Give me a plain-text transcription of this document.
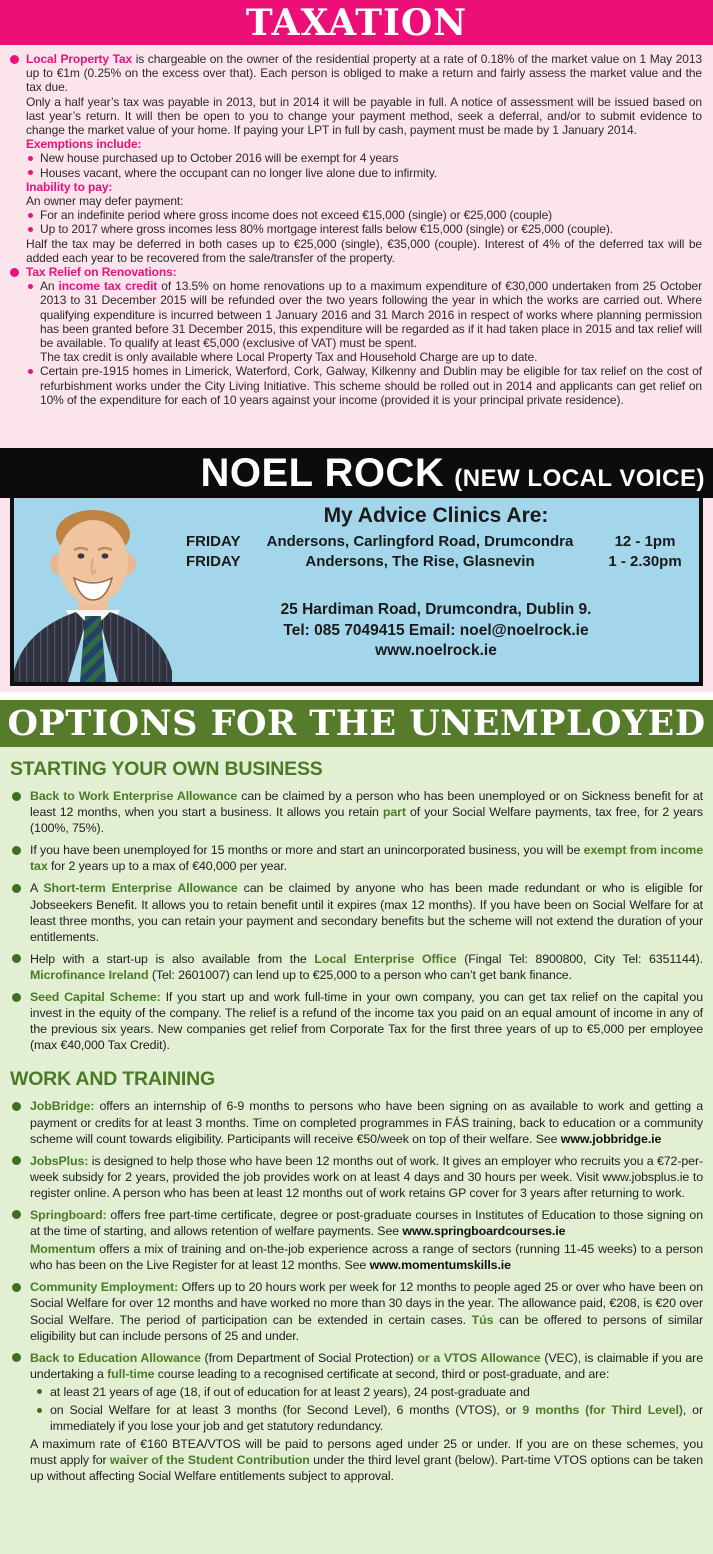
TAXATION

Local Property Tax is chargeable on the owner of the residential property at a rate of 0.18% of the market value on 1 May 2013 up to €1m (0.25% on the excess over that). Each person is obliged to make a return and fairly assess the market value and the tax due.

Only a half year’s tax was payable in 2013, but in 2014 it will be payable in full. A notice of assessment will be issued based on last year’s return. It will then be open to you to change your payment method, seek a deferral, and/or to submit evidence to change the market value of your home. If paying your LPT in full by cash, payment must be made by 1 January 2014.

Exemptions include:

New house purchased up to October 2016 will be exempt for 4 years

Houses vacant, where the occupant can no longer live alone due to infirmity.

Inability to pay:

An owner may defer payment:

For an indefinite period where gross income does not exceed €15,000 (single) or €25,000 (couple)

Up to 2017 where gross incomes less 80% mortgage interest falls below €15,000 (single) or €25,000 (couple).

Half the tax may be deferred in both cases up to €25,000 (single), €35,000 (couple). Interest of 4% of the deferred tax will be added each year to be recovered from the sale/transfer of the property.

Tax Relief on Renovations:

An income tax credit of 13.5% on home renovations up to a maximum expenditure of €30,000 undertaken from 25 October 2013 to 31 December 2015 will be refunded over the two years following the year in which the works are carried out. Where qualifying expenditure is incurred between 1 January 2016 and 31 March 2016 in respect of works where planning permission has been granted before 31 December 2015, this expenditure will be regarded as if it had taken place in 2015 and tax relief will be available. To qualify at least €5,000 (exclusive of VAT) must be spent.

The tax credit is only available where Local Property Tax and Household Charge are up to date.

Certain pre-1915 homes in Limerick, Waterford, Cork, Galway, Kilkenny and Dublin may be eligible for tax relief on the cost of refurbishment works under the City Living Initiative. This scheme should be rolled out in 2014 and applicants can get relief on 10% of the expenditure for each of 10 years against your income (provided it is your principal private residence).

NOEL ROCK (NEW LOCAL VOICE)
My Advice Clinics Are:
FRIDAY	Andersons, Carlingford Road, Drumcondra	12 - 1pm
FRIDAY	Andersons, The Rise, Glasnevin	1 - 2.30pm
25 Hardiman Road, Drumcondra, Dublin 9.
Tel: 085 7049415 Email: noel@noelrock.ie
www.noelrock.ie
OPTIONS FOR THE UNEMPLOYED
STARTING YOUR OWN BUSINESS

Back to Work Enterprise Allowance can be claimed by a person who has been unemployed or on Sickness benefit for at least 12 months, when you start a business. It allows you retain part of your Social Welfare payments, tax free, for 2 years (100%, 75%).

If you have been unemployed for 15 months or more and start an unincorporated business, you will be exempt from income tax for 2 years up to a max of €40,000 per year.

A Short-term Enterprise Allowance can be claimed by anyone who has been made redundant or who is eligible for Jobseekers Benefit. It allows you to retain benefit until it expires (max 12 months). If you have been on Social Welfare for at least three months, you can retain your payment and secondary benefits but the scheme will not extend the duration of your entitlements.

Help with a start-up is also available from the Local Enterprise Office (Fingal Tel: 8900800, City Tel: 6351144). Microfinance Ireland (Tel: 2601007) can lend up to €25,000 to a person who can’t get bank finance.

Seed Capital Scheme: If you start up and work full-time in your own company, you can get tax relief on the capital you invest in the equity of the company. The relief is a refund of the income tax you paid on an equal amount of income in any of the previous six years. New companies get relief from Corporate Tax for the first three years of up to €5,000 per employee (max €40,000 Tax Credit).

WORK AND TRAINING

JobBridge: offers an internship of 6-9 months to persons who have been signing on as available to work and getting a payment or credits for at least 3 months. Time on completed programmes in FÁS training, back to education or a community scheme will count towards eligibility. Participants will receive €50/week on top of their welfare. See www.jobbridge.ie

JobsPlus: is designed to help those who have been 12 months out of work. It gives an employer who recruits you a €72-per-week subsidy for 2 years, provided the job provides work on at least 4 days and 30 hours per week. Visit www.jobsplus.ie to register online. A person who has been at least 12 months out of work retains GP cover for 3 years after returning to work.

Springboard: offers free part-time certificate, degree or post-graduate courses in Institutes of Education to those signing on at the time of starting, and allows retention of welfare payments. See www.springboardcourses.ie

Momentum offers a mix of training and on-the-job experience across a range of sectors (running 11-45 weeks) to a person who has been on the Live Register for at least 12 months. See www.momentumskills.ie

Community Employment: Offers up to 20 hours work per week for 12 months to people aged 25 or over who have been on Social Welfare for over 12 months and have worked no more than 30 days in the year. The allowance paid, €208, is €20 over Social Welfare. The period of participation can be extended in certain cases. Tús can be offered to persons of similar eligibility but can include persons of 25 and under.

Back to Education Allowance (from Department of Social Protection) or a VTOS Allowance (VEC), is claimable if you are undertaking a full-time course leading to a recognised certificate at second, third or post-graduate, and are:

at least 21 years of age (18, if out of education for at least 2 years), 24 post-graduate and

on Social Welfare for at least 3 months (for Second Level), 6 months (VTOS), or 9 months (for Third Level), or immediately if you lose your job and get statutory redundancy.

A maximum rate of €160 BTEA/VTOS will be paid to persons aged under 25 or under. If you are on these schemes, you must apply for waiver of the Student Contribution under the third level grant (below). Part-time VTOS options can be taken up without affecting Social Welfare entitlements subject to approval.
